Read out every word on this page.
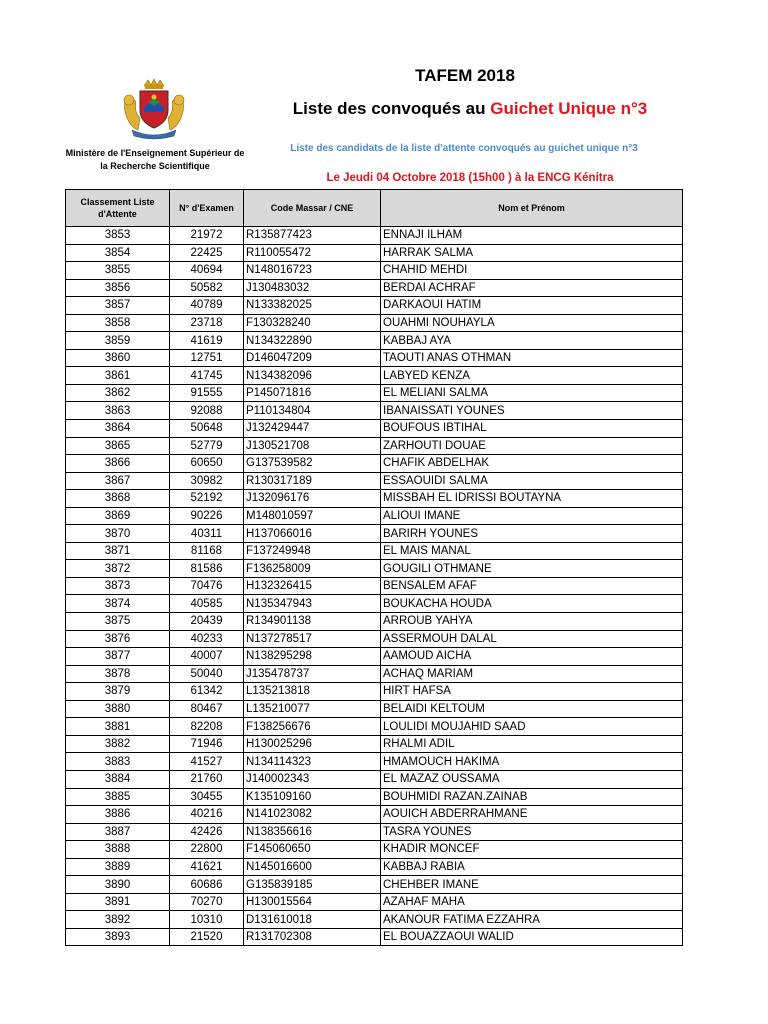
Ministère de l'Enseignement Supérieur de la Recherche Scientifique
TAFEM 2018
Liste des convoqués au Guichet Unique n°3
Liste des candidats de la liste d'attente convoqués au guichet unique n°3
Le Jeudi 04 Octobre 2018 (15h00 ) à la ENCG Kénitra
Classement Liste d'Attente	N° d'Examen	Code Massar / CNE	Nom et Prénom
3853	21972	R135877423	ENNAJI ILHAM
3854	22425	R110055472	HARRAK SALMA
3855	40694	N148016723	CHAHID MEHDI
3856	50582	J130483032	BERDAI ACHRAF
3857	40789	N133382025	DARKAOUI HATIM
3858	23718	F130328240	OUAHMI NOUHAYLA
3859	41619	N134322890	KABBAJ AYA
3860	12751	D146047209	TAOUTI ANAS OTHMAN
3861	41745	N134382096	LABYED KENZA
3862	91555	P145071816	EL MELIANI SALMA
3863	92088	P110134804	IBANAISSATI YOUNES
3864	50648	J132429447	BOUFOUS IBTIHAL
3865	52779	J130521708	ZARHOUTI DOUAE
3866	60650	G137539582	CHAFIK ABDELHAK
3867	30982	R130317189	ESSAOUIDI SALMA
3868	52192	J132096176	MISSBAH EL IDRISSI BOUTAYNA
3869	90226	M148010597	ALIOUI IMANE
3870	40311	H137066016	BARIRH YOUNES
3871	81168	F137249948	EL MAIS MANAL
3872	81586	F136258009	GOUGILI OTHMANE
3873	70476	H132326415	BENSALEM AFAF
3874	40585	N135347943	BOUKACHA HOUDA
3875	20439	R134901138	ARROUB YAHYA
3876	40233	N137278517	ASSERMOUH DALAL
3877	40007	N138295298	AAMOUD AICHA
3878	50040	J135478737	ACHAQ MARIAM
3879	61342	L135213818	HIRT HAFSA
3880	80467	L135210077	BELAIDI KELTOUM
3881	82208	F138256676	LOULIDI MOUJAHID SAAD
3882	71946	H130025296	RHALMI ADIL
3883	41527	N134114323	HMAMOUCH HAKIMA
3884	21760	J140002343	EL MAZAZ OUSSAMA
3885	30455	K135109160	BOUHMIDI RAZAN.ZAINAB
3886	40216	N141023082	AOUICH ABDERRAHMANE
3887	42426	N138356616	TASRA YOUNES
3888	22800	F145060650	KHADIR MONCEF
3889	41621	N145016600	KABBAJ RABIA
3890	60686	G135839185	CHEHBER IMANE
3891	70270	H130015564	AZAHAF MAHA
3892	10310	D131610018	AKANOUR FATIMA EZZAHRA
3893	21520	R131702308	EL BOUAZZAOUI WALID
